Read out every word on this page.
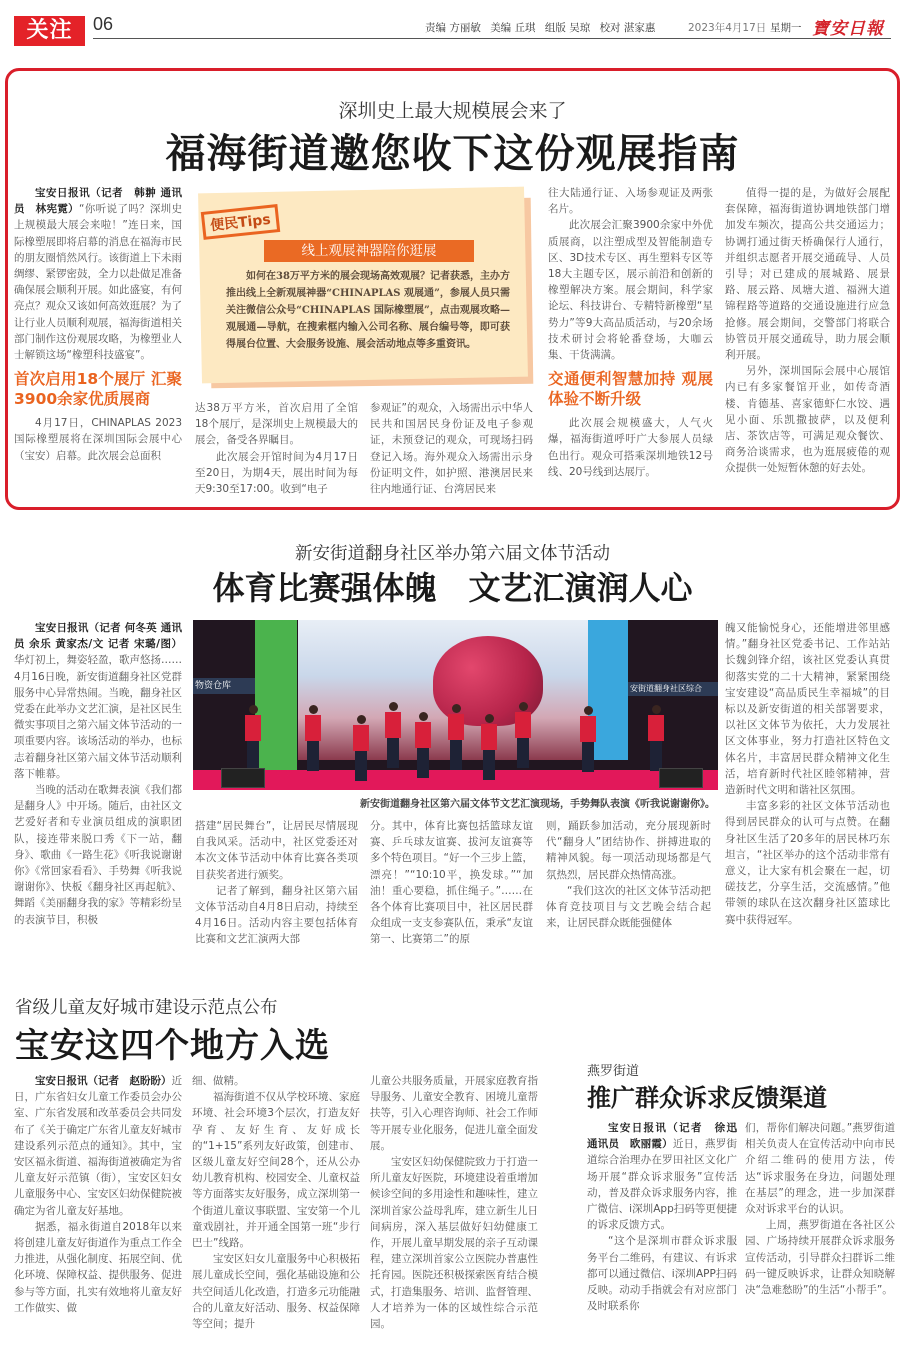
关注	06	责编 方丽敏 美编 丘琪 组版 吴琼 校对 湛家惠	2023年4月17日 星期一 寶安日報
深圳史上最大规模展会来了
福海街道邀您收下这份观展指南

宝安日报讯（记者　韩翀 通讯员　林宪霓）“你听说了吗？深圳史上规模最大展会来啦！”连日来，国际橡塑展即将启幕的消息在福海市民的朋友圈悄然风行。该街道上下未雨绸缪、紧锣密鼓，全力以赴做足准备确保展会顺利开展。如此盛宴，有何亮点？观众又该如何高效逛展？为了让行业人员顺利观展，福海街道相关部门制作这份观展攻略，为橡塑业人士解锁这场“橡塑科技盛宴”。

首次启用18个展厅 汇聚3900余家优质展商

4月17日，CHINAPLAS 2023国际橡塑展将在深圳国际会展中心（宝安）启幕。此次展会总面积

便民Tips
线上观展神器陪你逛展
如何在38万平方米的展会现场高效观展？记者获悉，主办方推出线上全新观展神器“CHINAPLAS 观展通”，参展人员只需关注微信公众号“CHINAPLAS 国际橡塑展”，点击观展攻略—观展通—导航，在搜索框内输入公司名称、展台编号等，即可获得展台位置、大会服务设施、展会活动地点等多重资讯。

达38万平方米，首次启用了全馆18个展厅，是深圳史上规模最大的展会，备受各界瞩目。

此次展会开馆时间为4月17日至20日，为期4天，展出时间为每天9:30至17:00。收到“电子

参观证”的观众，入场需出示中华人民共和国居民身份证及电子参观证，未预登记的观众，可现场扫码登记入场。海外观众入场需出示身份证明文件，如护照、港澳居民来往内地通行证、台湾居民来

往大陆通行证、入场参观证及两张名片。

此次展会汇聚3900余家中外优质展商，以注塑成型及智能制造专区、3D技术专区、再生塑料专区等18大主题专区，展示前沿和创新的橡塑解决方案。展会期间，科学家论坛、科技讲台、专精特新橡塑“星势力”等9大高品质活动，与20余场技术研讨会将轮番登场，大咖云集、干货满满。

交通便利智慧加持 观展体验不断升级

此次展会规模盛大，人气火爆，福海街道呼吁广大参展人员绿色出行。观众可搭乘深圳地铁12号线、20号线到达展厅。

值得一提的是，为做好会展配套保障，福海街道协调地铁部门增加发车频次，提高公共交通运力；协调打通过街天桥确保行人通行，并组织志愿者开展交通疏导、人员引导；对已建成的展城路、展景路、展云路、凤塘大道、福洲大道锦程路等道路的交通设施进行应急抢修。展会期间，交警部门将联合协管员开展交通疏导，助力展会顺利开展。

另外，深圳国际会展中心展馆内已有多家餐馆开业，如传奇酒楼、肯德基、喜家德虾仁水饺、遇见小面、乐凯撒披萨，以及便利店、茶饮店等，可满足观众餐饮、商务洽谈需求，也为逛展疲倦的观众提供一处短暂休憩的好去处。

新安街道翻身社区举办第六届文体节活动
体育比赛强体魄　文艺汇演润人心

宝安日报讯（记者 何冬英 通讯员 余乐 黄家杰/文 记者 宋璐/图）华灯初上，舞姿轻盈，歌声悠扬……4月16日晚，新安街道翻身社区党群服务中心异常热闹。当晚，翻身社区党委在此举办文艺汇演，是社区民生微实事项目之第六届文体节活动的一项重要内容。该场活动的举办，也标志着翻身社区第六届文体节活动顺利落下帷幕。

当晚的活动在歌舞表演《我们都是翻身人》中开场。随后，由社区文艺爱好者和专业演员组成的演职团队，接连带来脱口秀《下一站，翻身》、歌曲《一路生花》《听我说谢谢你》《常回家看看》、手势舞《听我说谢谢你》、快板《翻身社区再起航》、舞蹈《美丽翻身我的家》等精彩纷呈的表演节目，积极

物资仓库	安街道翻身社区综合
新安街道翻身社区第六届文体节文艺汇演现场，手势舞队表演《听我说谢谢你》。

搭建“居民舞台”，让居民尽情展现自我风采。活动中，社区党委还对本次文体节活动中体育比赛各类项目获奖者进行颁奖。

记者了解到，翻身社区第六届文体节活动自4月8日启动，持续至4月16日。活动内容主要包括体育比赛和文艺汇演两大部

分。其中，体育比赛包括篮球友谊赛、乒乓球友谊赛、拔河友谊赛等多个特色项目。“好一个三步上篮，漂亮！”“10:10平，换发球。”“加油！重心要稳，抓住绳子。”……在各个体育比赛项目中，社区居民群众组成一支支参赛队伍，秉承“友谊第一、比赛第二”的原

则，踊跃参加活动，充分展现新时代“翻身人”团结协作、拼搏进取的精神风貌。每一项活动现场都是气氛热烈，居民群众热情高涨。

“我们这次的社区文体节活动把体育竞技项目与文艺晚会结合起来，让居民群众既能强健体

魄又能愉悦身心，还能增进邻里感情。”翻身社区党委书记、工作站站长魏剑锋介绍，该社区党委认真贯彻落实党的二十大精神，紧紧围绕宝安建设“高品质民生幸福城”的目标以及新安街道的相关部署要求，以社区文体节为依托，大力发展社区文体事业，努力打造社区特色文体名片，丰富居民群众精神文化生活，培育新时代社区睦邻精神，营造新时代文明和谐社区氛围。

丰富多彩的社区文体节活动也得到居民群众的认可与点赞。在翻身社区生活了20多年的居民林巧东坦言，“社区举办的这个活动非常有意义，让大家有机会聚在一起，切磋技艺，分享生活，交流感情。”他带领的球队在这次翻身社区篮球比赛中获得冠军。

省级儿童友好城市建设示范点公布
宝安这四个地方入选

宝安日报讯（记者　赵盼盼）近日，广东省妇女儿童工作委员会办公室、广东省发展和改革委员会共同发布了《关于确定广东省儿童友好城市建设系列示范点的通知》。其中，宝安区福永街道、福海街道被确定为省儿童友好示范镇（街），宝安区妇女儿童服务中心、宝安区妇幼保健院被确定为省儿童友好基地。

据悉，福永街道自2018年以来将创建儿童友好街道作为重点工作全力推进，从强化制度、拓展空间、优化环境、保障权益、提供服务、促进参与等方面，扎实有效地将儿童友好工作做实、做

细、做精。

福海街道不仅从学校环境、家庭环境、社会环境3个层次，打造友好孕育、友好生育、友好成长的“1+15”系列友好政策，创建市、区级儿童友好空间28个，还从公办幼儿教育机构、校园安全、儿童权益等方面落实友好服务，成立深圳第一个街道儿童议事联盟、宝安第一个儿童戏剧社，并开通全国第一班“步行巴士”线路。

宝安区妇女儿童服务中心积极拓展儿童成长空间，强化基础设施和公共空间适儿化改造，打造多元功能融合的儿童友好活动、服务、权益保障等空间；提升

儿童公共服务质量，开展家庭教育指导服务、儿童安全教育、困境儿童帮扶等，引入心理咨询师、社会工作师等开展专业化服务，促进儿童全面发展。

宝安区妇幼保健院致力于打造一所儿童友好医院，环境建设着重增加候诊空间的多用途性和趣味性，建立深圳首家公益母乳库，建立新生儿日间病房，深入基层做好妇幼健康工作，开展儿童早期发展的亲子互动课程，建立深圳首家公立医院办普惠性托育园。医院还积极探索医育结合模式，打造集服务、培训、监督管理、人才培养为一体的区域性综合示范园。

燕罗街道
推广群众诉求反馈渠道

宝安日报讯（记者　徐迅　通讯员　欧丽霞）近日，燕罗街道综合治理办在罗田社区文化广场开展“群众诉求服务”宣传活动，普及群众诉求服务内容，推广微信、i深圳App扫码等更便捷的诉求反馈方式。

“这个是深圳市群众诉求服务平台二维码，有建议、有诉求都可以通过微信、i深圳APP扫码反映。动动手指就会有对应部门及时联系你

们，帮你们解决问题。”燕罗街道相关负责人在宣传活动中向市民介绍二维码的使用方法，传达“诉求服务在身边，问题处理在基层”的理念，进一步加深群众对诉求平台的认识。

上周，燕罗街道在各社区公园、广场持续开展群众诉求服务宣传活动，引导群众扫群诉二维码一键反映诉求，让群众知晓解决“急难愁盼”的生活“小帮手”。
